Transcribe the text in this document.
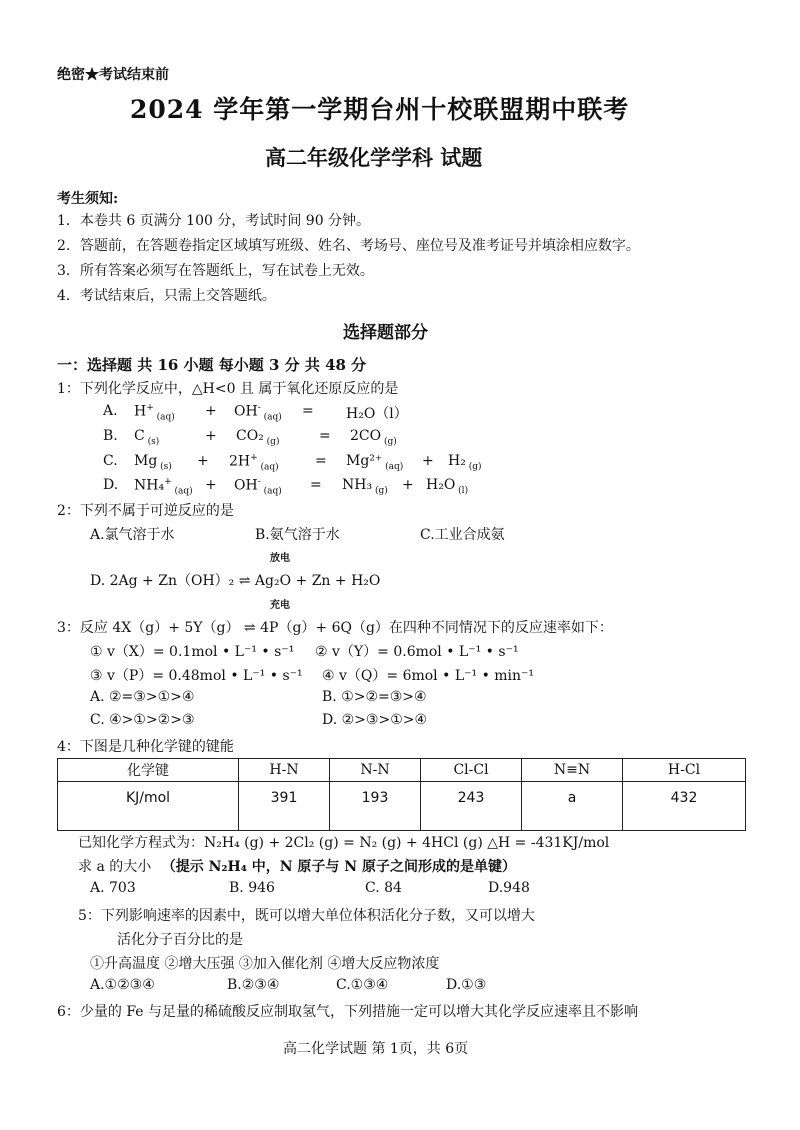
绝密★考试结束前
2024 学年第一学期台州十校联盟期中联考
高二年级化学学科 试题
考生须知:
1．本卷共 6 页满分 100 分，考试时间 90 分钟。
2．答题前，在答题卷指定区域填写班级、姓名、考场号、座位号及准考证号并填涂相应数字。
3．所有答案必须写在答题纸上，写在试卷上无效。
4．考试结束后，只需上交答题纸。
选择题部分
一：选择题 共 16 小题 每小题 3 分 共 48 分
1：下列化学反应中，△H<0 且 属于氧化还原反应的是
A. H+ $_{(aq)}$ + OH- $_{(aq)}$ = H₂O（l）
B. C $_{(s)}$	+ CO₂ $_{(g)}$	= 2CO $_{(g)}$
C. Mg $_{(s)}$ + 2H+ $_{(aq)}$	= Mg²⁺ $_{(aq)}$ + H₂ $_{(g)}$
D. NH₄+ $_{(aq)}$ + OH- $_{(aq)}$ = NH₃ $_{(g)}$ + H₂O $_{(l)}$
2：下列不属于可逆反应的是
A.氯气溶于水	B.氨气溶于水	C.工业合成氨
放电
D. 2Ag + Zn（OH）₂ ⇌ Ag₂O + Zn + H₂O
充电
3：反应 4X（g）+ 5Y（g） ⇌ 4P（g）+ 6Q（g）在四种不同情况下的反应速率如下：
① v（X）= 0.1mol • L⁻¹ • s⁻¹ ② v（Y）= 0.6mol • L⁻¹ • s⁻¹
③ v（P）= 0.48mol • L⁻¹ • s⁻¹ ④ v（Q）= 6mol • L⁻¹ • min⁻¹
A. ②=③>①>④	B. ①>②=③>④
C. ④>①>②>③	D. ②>③>①>④
4：下图是几种化学键的键能
化学键	H-N	N-N	Cl-Cl	N≡N	H-Cl
KJ/mol	391	193	243	a	432
已知化学方程式为：N₂H₄ (g) + 2Cl₂ (g) = N₂ (g) + 4HCl (g) △H = -431KJ/mol
求 a 的大小 （提示 N₂H₄ 中，N 原子与 N 原子之间形成的是单键）
A. 703	B. 946	C. 84	D.948
5：下列影响速率的因素中，既可以增大单位体积活化分子数，又可以增大
活化分子百分比的是
①升高温度 ②增大压强 ③加入催化剂 ④增大反应物浓度
A.①②③④	B.②③④	C.①③④	D.①③
6：少量的 Fe 与足量的稀硫酸反应制取氢气，下列措施一定可以增大其化学反应速率且不影响
高二化学试题 第 1页，共 6页
